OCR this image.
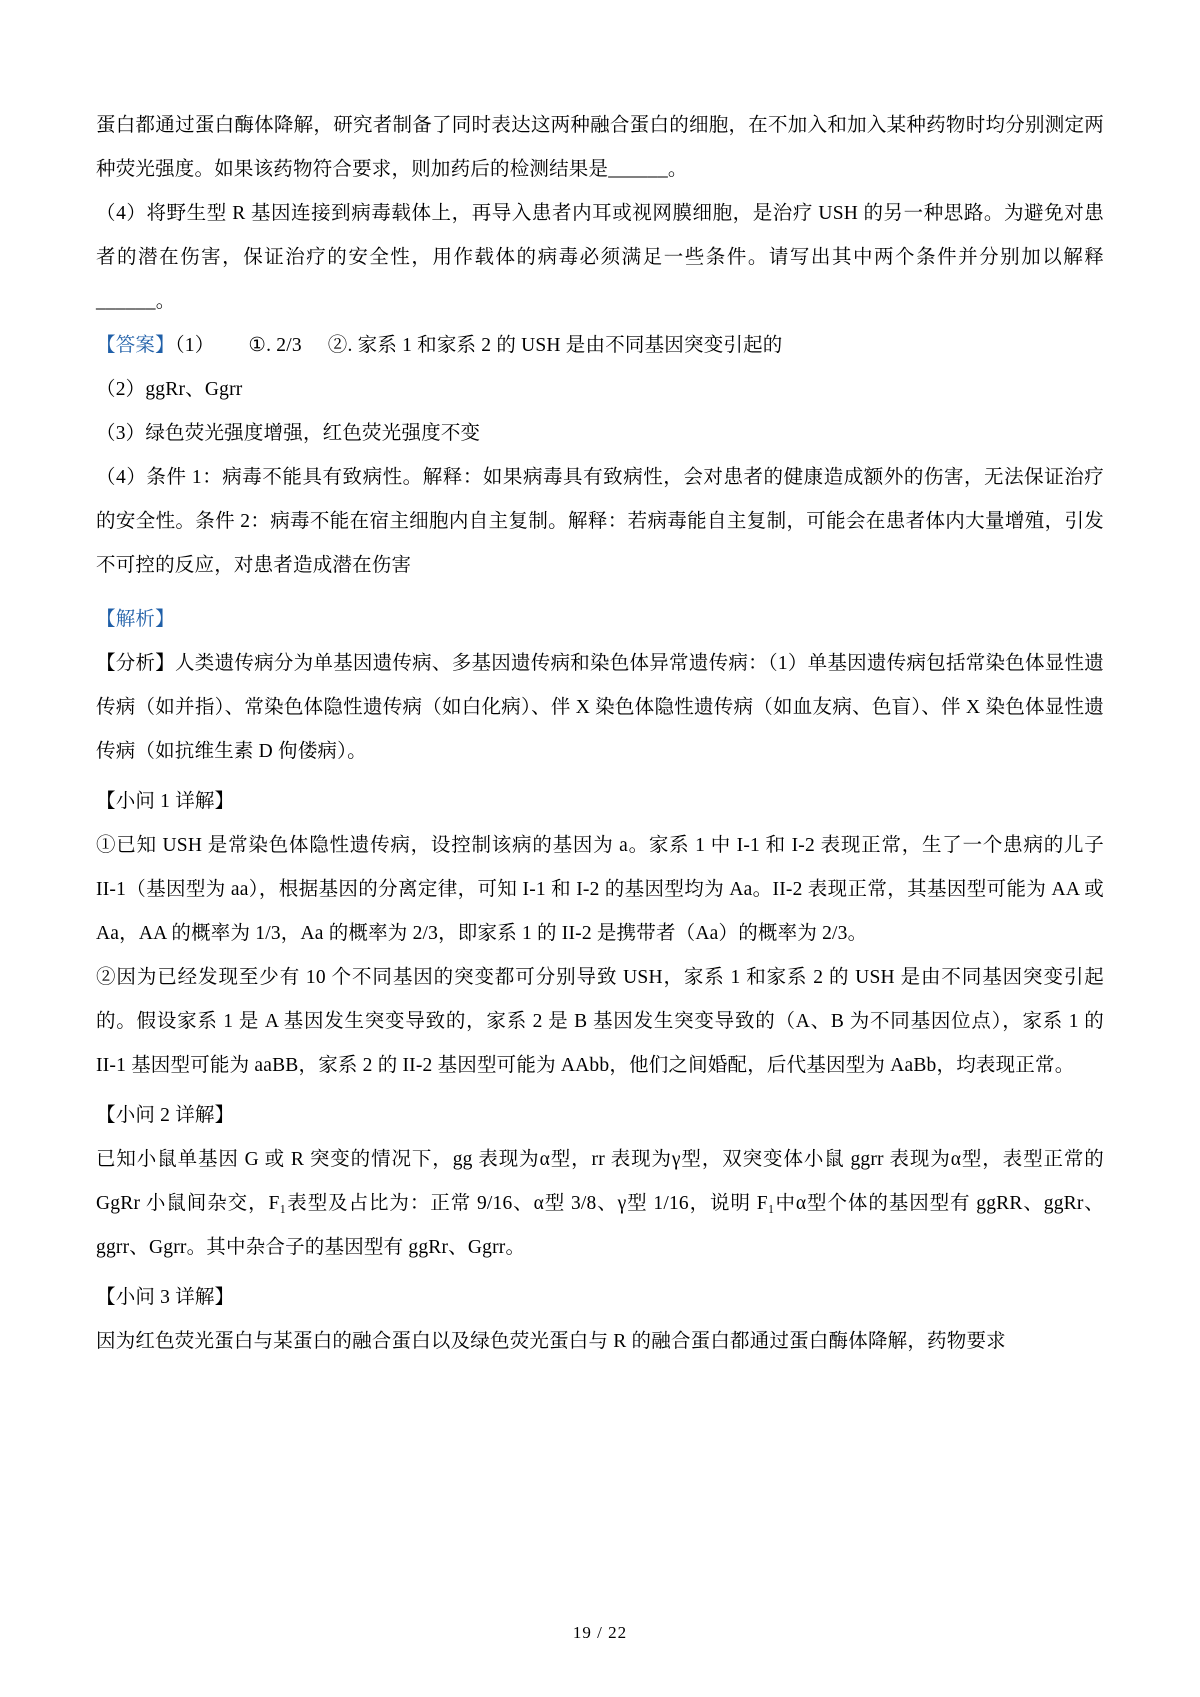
蛋白都通过蛋白酶体降解，研究者制备了同时表达这两种融合蛋白的细胞，在不加入和加入某种药物时均分别测定两种荧光强度。如果该药物符合要求，则加药后的检测结果是______。

（4）将野生型 R 基因连接到病毒载体上，再导入患者内耳或视网膜细胞，是治疗 USH 的另一种思路。为避免对患者的潜在伤害，保证治疗的安全性，用作载体的病毒必须满足一些条件。请写出其中两个条件并分别加以解释______。

【答案】（1） ①. 2/3 ②. 家系 1 和家系 2 的 USH 是由不同基因突变引起的

（2）ggRr、Ggrr

（3）绿色荧光强度增强，红色荧光强度不变

（4）条件 1：病毒不能具有致病性。解释：如果病毒具有致病性，会对患者的健康造成额外的伤害，无法保证治疗的安全性。条件 2：病毒不能在宿主细胞内自主复制。解释：若病毒能自主复制，可能会在患者体内大量增殖，引发不可控的反应，对患者造成潜在伤害

【解析】

【分析】人类遗传病分为单基因遗传病、多基因遗传病和染色体异常遗传病：（1）单基因遗传病包括常染色体显性遗传病（如并指）、常染色体隐性遗传病（如白化病）、伴 X 染色体隐性遗传病（如血友病、色盲）、伴 X 染色体显性遗传病（如抗维生素 D 佝偻病）。

【小问 1 详解】

①已知 USH 是常染色体隐性遗传病，设控制该病的基因为 a。家系 1 中 I‑1 和 I‑2 表现正常，生了一个患病的儿子 II‑1（基因型为 aa），根据基因的分离定律，可知 I‑1 和 I‑2 的基因型均为 Aa。II‑2 表现正常，其基因型可能为 AA 或 Aa，AA 的概率为 1/3，Aa 的概率为 2/3，即家系 1 的 II‑2 是携带者（Aa）的概率为 2/3。

②因为已经发现至少有 10 个不同基因的突变都可分别导致 USH，家系 1 和家系 2 的 USH 是由不同基因突变引起的。假设家系 1 是 A 基因发生突变导致的，家系 2 是 B 基因发生突变导致的（A、B 为不同基因位点），家系 1 的 II‑1 基因型可能为 aaBB，家系 2 的 II‑2 基因型可能为 AAbb，他们之间婚配，后代基因型为 AaBb，均表现正常。

【小问 2 详解】

已知小鼠单基因 G 或 R 突变的情况下，gg 表现为α型，rr 表现为γ型，双突变体小鼠 ggrr 表现为α型，表型正常的 GgRr 小鼠间杂交，F₁表型及占比为：正常 9/16、α型 3/8、γ型 1/16，说明 F₁中α型个体的基因型有 ggRR、ggRr、ggrr、Ggrr。其中杂合子的基因型有 ggRr、Ggrr。

【小问 3 详解】

因为红色荧光蛋白与某蛋白的融合蛋白以及绿色荧光蛋白与 R 的融合蛋白都通过蛋白酶体降解，药物要求

19 / 22
